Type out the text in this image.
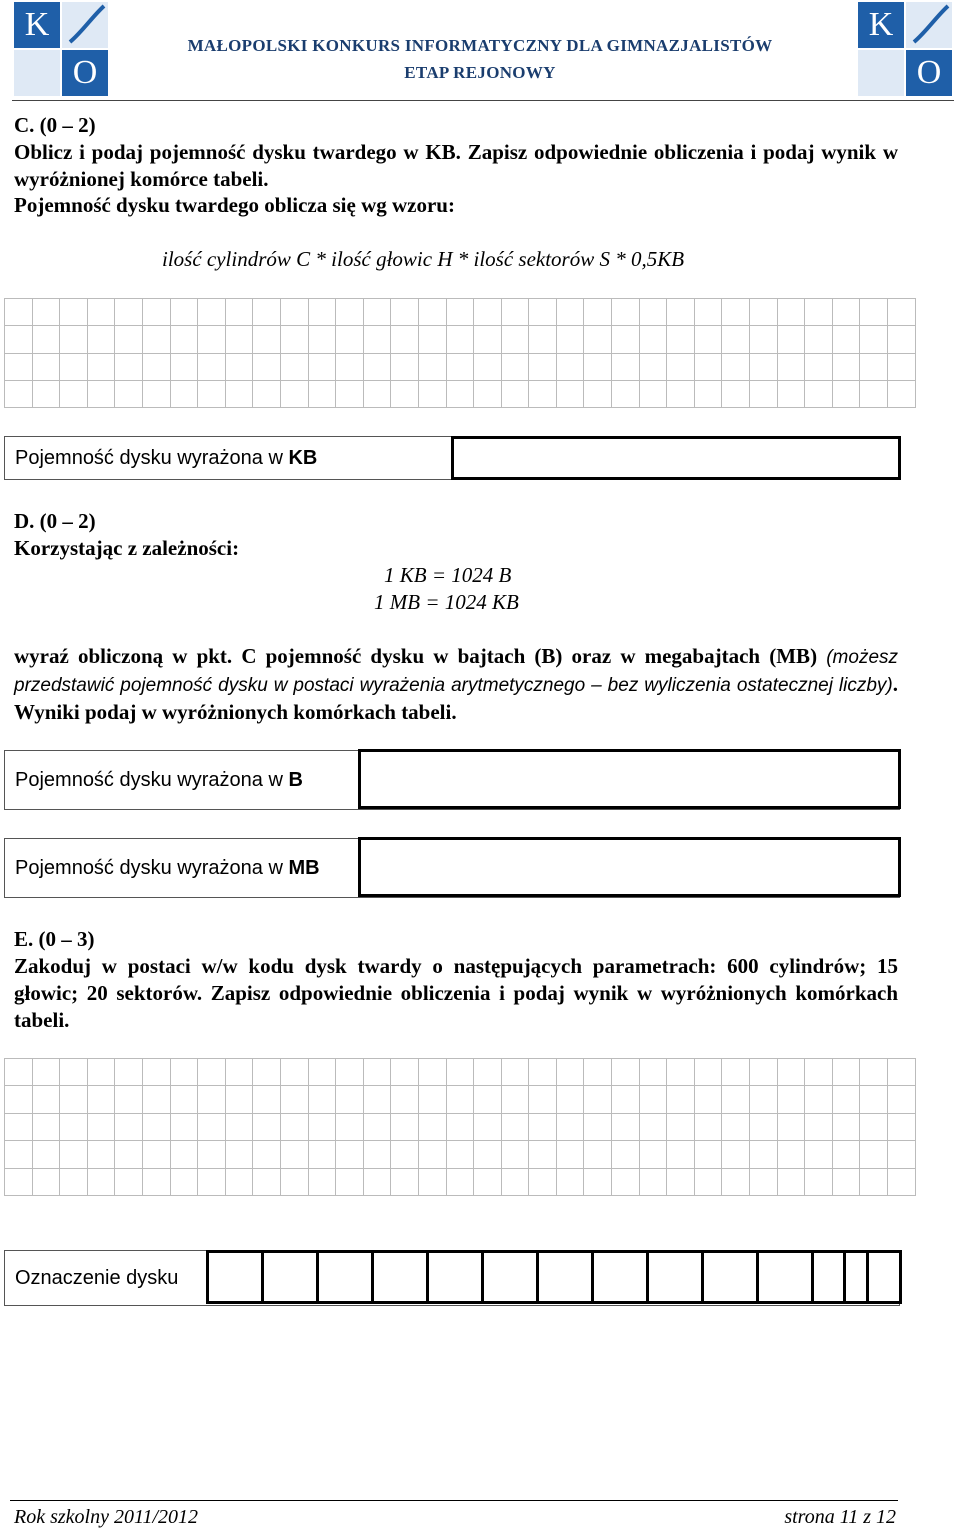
K
O
K
O
MAŁOPOLSKI KONKURS INFORMATYCZNY DLA GIMNAZJALISTÓW
ETAP REJONOWY
C. (0 – 2)
Oblicz i podaj pojemność dysku twardego w KB. Zapisz odpowiednie obliczenia i podaj wynik w wyróżnionej komórce tabeli.
Pojemność dysku twardego oblicza się wg wzoru:
ilość cylindrów C * ilość głowic H * ilość sektorów S * 0,5KB

Pojemność dysku wyrażona w
KB
D. (0 – 2)
Korzystając z zależności:
1 KB = 1024 B
1 MB = 1024 KB
wyraź obliczoną w pkt. C pojemność dysku w bajtach (B) oraz w megabajtach (MB) (możesz przedstawić pojemność dysku w postaci wyrażenia arytmetycznego – bez wyliczenia ostatecznej liczby). Wyniki podaj w wyróżnionych komórkach tabeli.
Pojemność dysku wyrażona w
B
Pojemność dysku wyrażona w
MB
E. (0 – 3)
Zakoduj w postaci w/w kodu dysk twardy o następujących parametrach: 600 cylindrów; 15 głowic; 20 sektorów. Zapisz odpowiednie obliczenia i podaj wynik w wyróżnionych komórkach tabeli.

Oznaczenie dysku
Rok szkolny 2011/2012	strona 11 z 12
